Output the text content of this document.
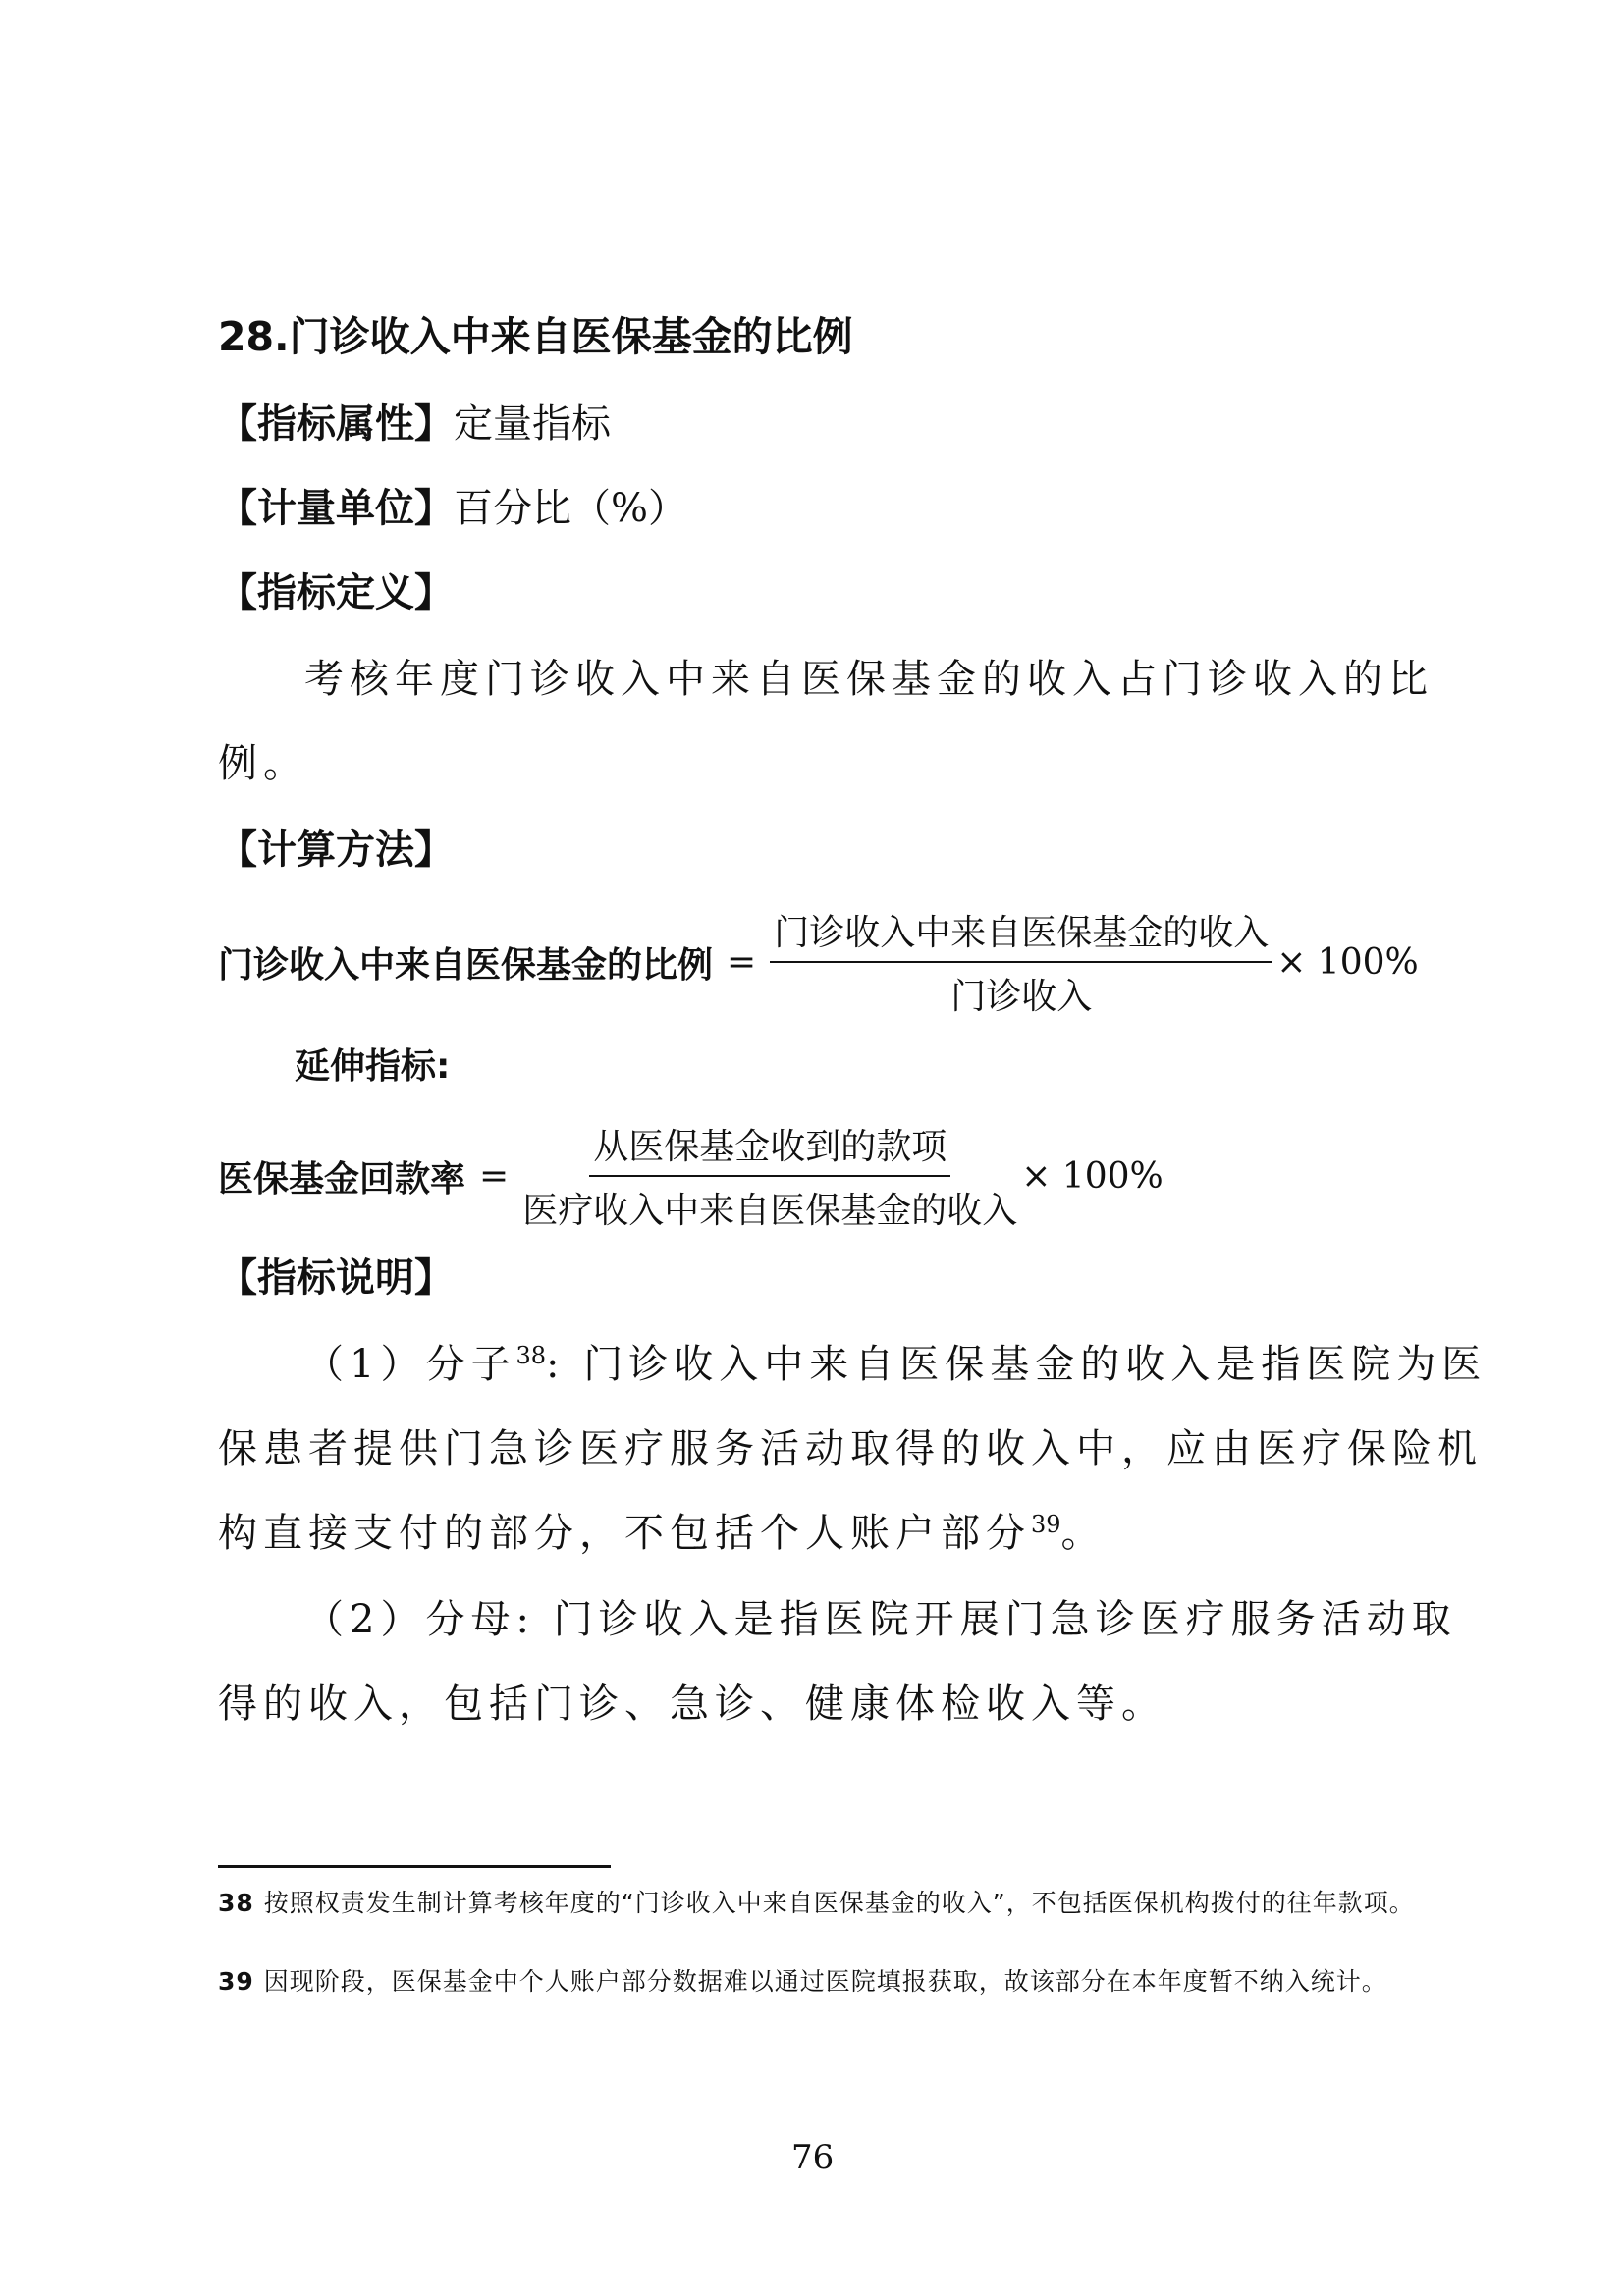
28.门诊收入中来自医保基金的比例
【指标属性】定量指标
【计量单位】百分比（%）
【指标定义】
考核年度门诊收入中来自医保基金的收入占门诊收入的比
例。
【计算方法】
门诊收入中来自医保基金的比例 = $\frac{\text{门诊收入中来自医保基金的收入}}{\text{门诊收入}} \times 100\%$
延伸指标:
医保基金回款率 = $\frac{\text{从医保基金收到的款项}}{\text{医疗收入中来自医保基金的收入}} \times 100\%$
【指标说明】
（1）分子$^{38}$: 门诊收入中来自医保基金的收入是指医院为医
保患者提供门急诊医疗服务活动取得的收入中，应由医疗保险机
构直接支付的部分，不包括个人账户部分$^{39}$。
（2）分母: 门诊收入是指医院开展门急诊医疗服务活动取
得的收入，包括门诊、急诊、健康体检收入等。
38 按照权责发生制计算考核年度的“门诊收入中来自医保基金的收入”，不包括医保机构拨付的往年款项。
39 因现阶段，医保基金中个人账户部分数据难以通过医院填报获取，故该部分在本年度暂不纳入统计。
76
